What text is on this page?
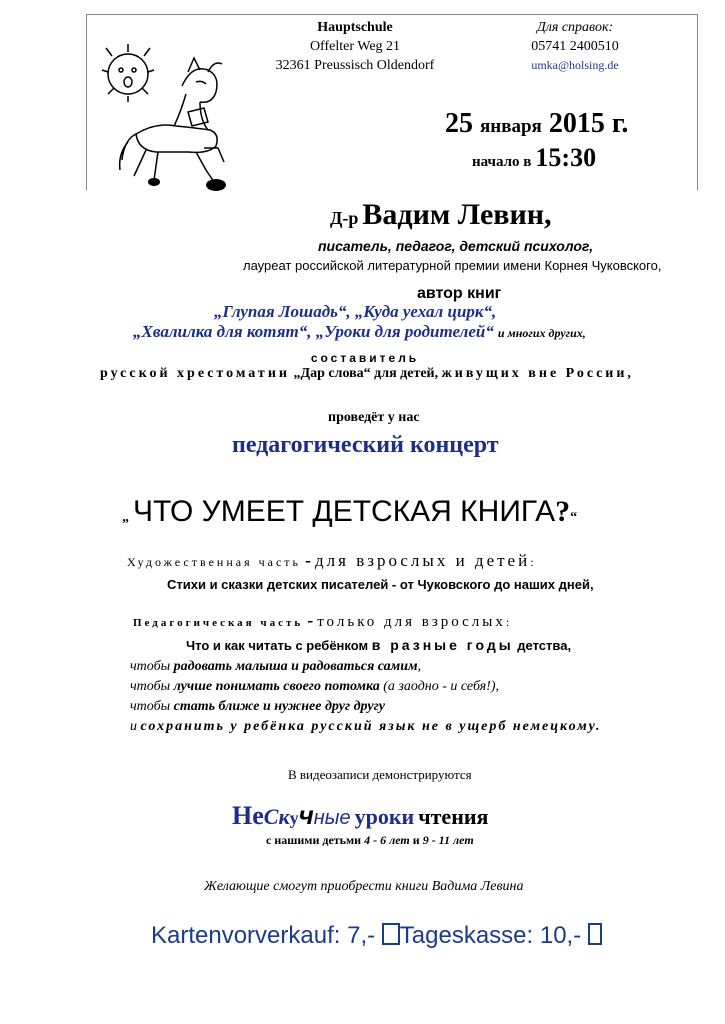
Hauptschule
Offelter Weg 21
32361 Preussisch Oldendorf
Для справок:
05741 2400510
umka@holsing.de
25 января 2015 г.
начало в 15:30
Д-р Вадим Левин,
писатель, педагог, детский психолог,
лауреат российской литературной премии имени Корнея Чуковского,
автор книг
„Глупая Лошадь“, „Куда уехал цирк“,
„Хвалилка для котят“, „Уроки для родителей“ и многих других,
составитель
русской хрестоматии „Дар слова“ для детей, живущих вне России,
проведёт у нас
педагогический концерт
„ ЧТО УМЕЕТ ДЕТСКАЯ КНИГА?“
Художественная часть - для взрослых и детей:
Стихи и сказки детских писателей - от Чуковского до наших дней,
Педагогическая часть - только для взрослых:
Что и как читать с ребёнком в разные годы детства,
чтобы радовать малыша и радоваться самим,
чтобы лучше понимать своего потомка (а заодно - и себя!),
чтобы стать ближе и нужнее друг другу
и сохранить у ребёнка русский язык не в ущерб немецкому.
В видеозаписи демонстрируются
НеСкучные уроки чтения
с нашими детьми 4 - 6 лет и 9 - 11 лет
Желающие смогут приобрести книги Вадима Левина
Kartenvorverkauf: 7,- Tageskasse: 10,-
